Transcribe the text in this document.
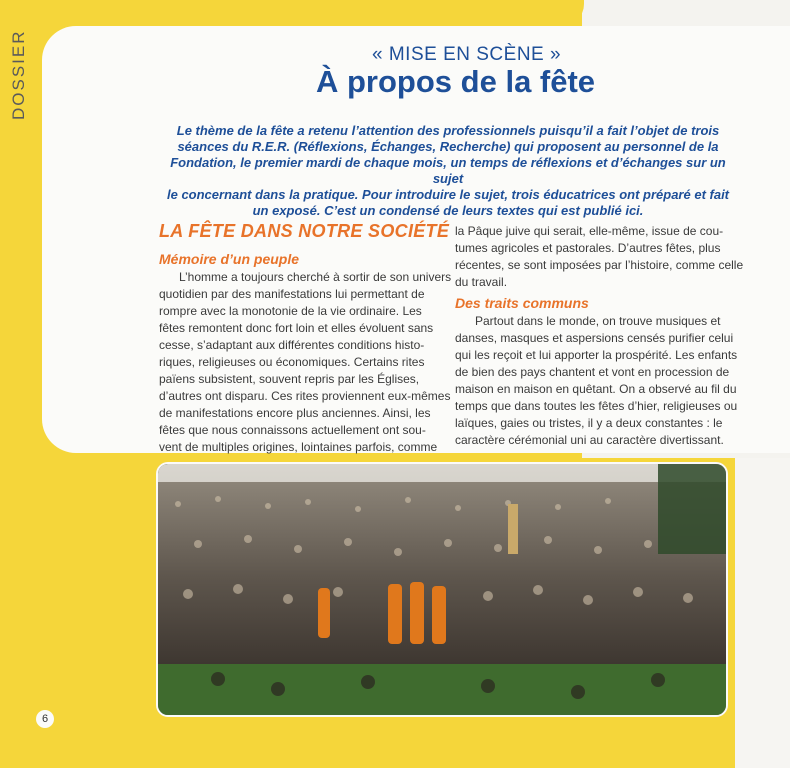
DOSSIER	« MISE EN SCÈNE »
À propos de la fête

Le thème de la fête a retenu l’attention des professionnels puisqu’il a fait l’objet de trois
séances du R.E.R. (Réflexions, Échanges, Recherche) qui proposent au personnel de la
Fondation, le premier mardi de chaque mois, un temps de réflexions et d’échanges sur un sujet
le concernant dans la pratique. Pour introduire le sujet, trois éducatrices ont préparé et fait
un exposé. C’est un condensé de leurs textes qui est publié ici.

LA FÊTE DANS NOTRE SOCIÉTÉ
Mémoire d’un peuple

L’homme a toujours cherché à sortir de son univers
quotidien par des manifestations lui permettant de
rompre avec la monotonie de la vie ordinaire. Les
fêtes remontent donc fort loin et elles évoluent sans
cesse, s’adaptant aux différentes conditions histo-
riques, religieuses ou économiques. Certains rites
païens subsistent, souvent repris par les Églises,
d’autres ont disparu. Ces rites proviennent eux-mêmes
de manifestations encore plus anciennes. Ainsi, les
fêtes que nous connaissons actuellement ont sou-
vent de multiples origines, lointaines parfois, comme

la Pâque juive qui serait, elle-même, issue de cou-
tumes agricoles et pastorales. D’autres fêtes, plus
récentes, se sont imposées par l’histoire, comme celle
du travail.

Des traits communs

Partout dans le monde, on trouve musiques et
danses, masques et aspersions censés purifier celui
qui les reçoit et lui apporter la prospérité. Les enfants
de bien des pays chantent et vont en procession de
maison en maison en quêtant. On a observé au fil du
temps que dans toutes les fêtes d’hier, religieuses ou
laïques, gaies ou tristes, il y a deux constantes : le
caractère cérémonial uni au caractère divertissant.

6
